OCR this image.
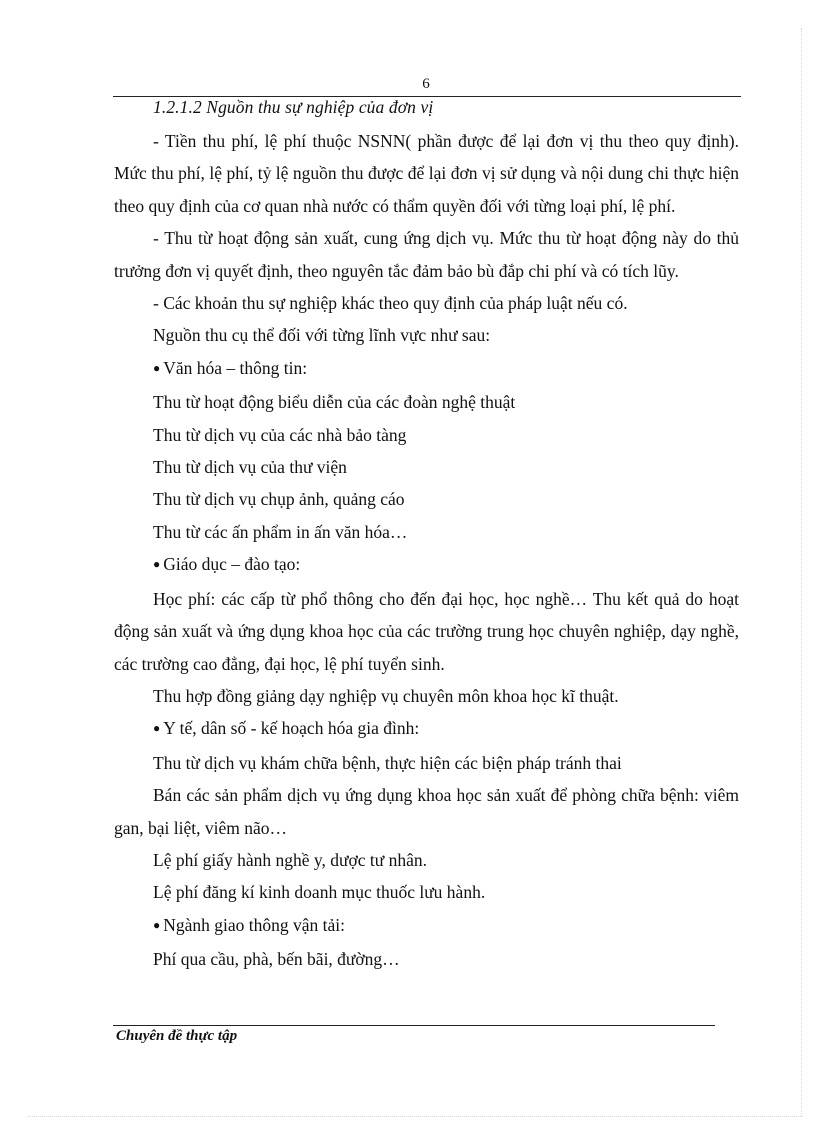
6
1.2.1.2 Nguồn thu sự nghiệp của đơn vị

- Tiền thu phí, lệ phí thuộc NSNN( phần được để lại đơn vị thu theo quy định). Mức thu phí, lệ phí, tỷ lệ nguồn thu được để lại đơn vị sử dụng và nội dung chi thực hiện theo quy định của cơ quan nhà nước có thẩm quyền đối với từng loại phí, lệ phí.

- Thu từ hoạt động sản xuất, cung ứng dịch vụ. Mức thu từ hoạt động này do thủ trưởng đơn vị quyết định, theo nguyên tắc đảm bảo bù đắp chi phí và có tích lũy.

- Các khoản thu sự nghiệp khác theo quy định của pháp luật nếu có.

Nguồn thu cụ thể đối với từng lĩnh vực như sau:

● Văn hóa – thông tin:

Thu từ hoạt động biểu diễn của các đoàn nghệ thuật

Thu từ dịch vụ của các nhà bảo tàng

Thu từ dịch vụ của thư viện

Thu từ dịch vụ chụp ảnh, quảng cáo

Thu từ các ấn phẩm in ấn văn hóa…

● Giáo dục – đào tạo:

Học phí: các cấp từ phổ thông cho đến đại học, học nghề… Thu kết quả do hoạt động sản xuất và ứng dụng khoa học của các trường trung học chuyên nghiệp, dạy nghề, các trường cao đẳng, đại học, lệ phí tuyển sinh.

Thu hợp đồng giảng dạy nghiệp vụ chuyên môn khoa học kĩ thuật.

● Y tế, dân số - kế hoạch hóa gia đình:

Thu từ dịch vụ khám chữa bệnh, thực hiện các biện pháp tránh thai

Bán các sản phẩm dịch vụ ứng dụng khoa học sản xuất để phòng chữa bệnh: viêm gan, bại liệt, viêm não…

Lệ phí giấy hành nghề y, dược tư nhân.

Lệ phí đăng kí kinh doanh mục thuốc lưu hành.

● Ngành giao thông vận tải:

Phí qua cầu, phà, bến bãi, đường…

Chuyên đề thực tập
